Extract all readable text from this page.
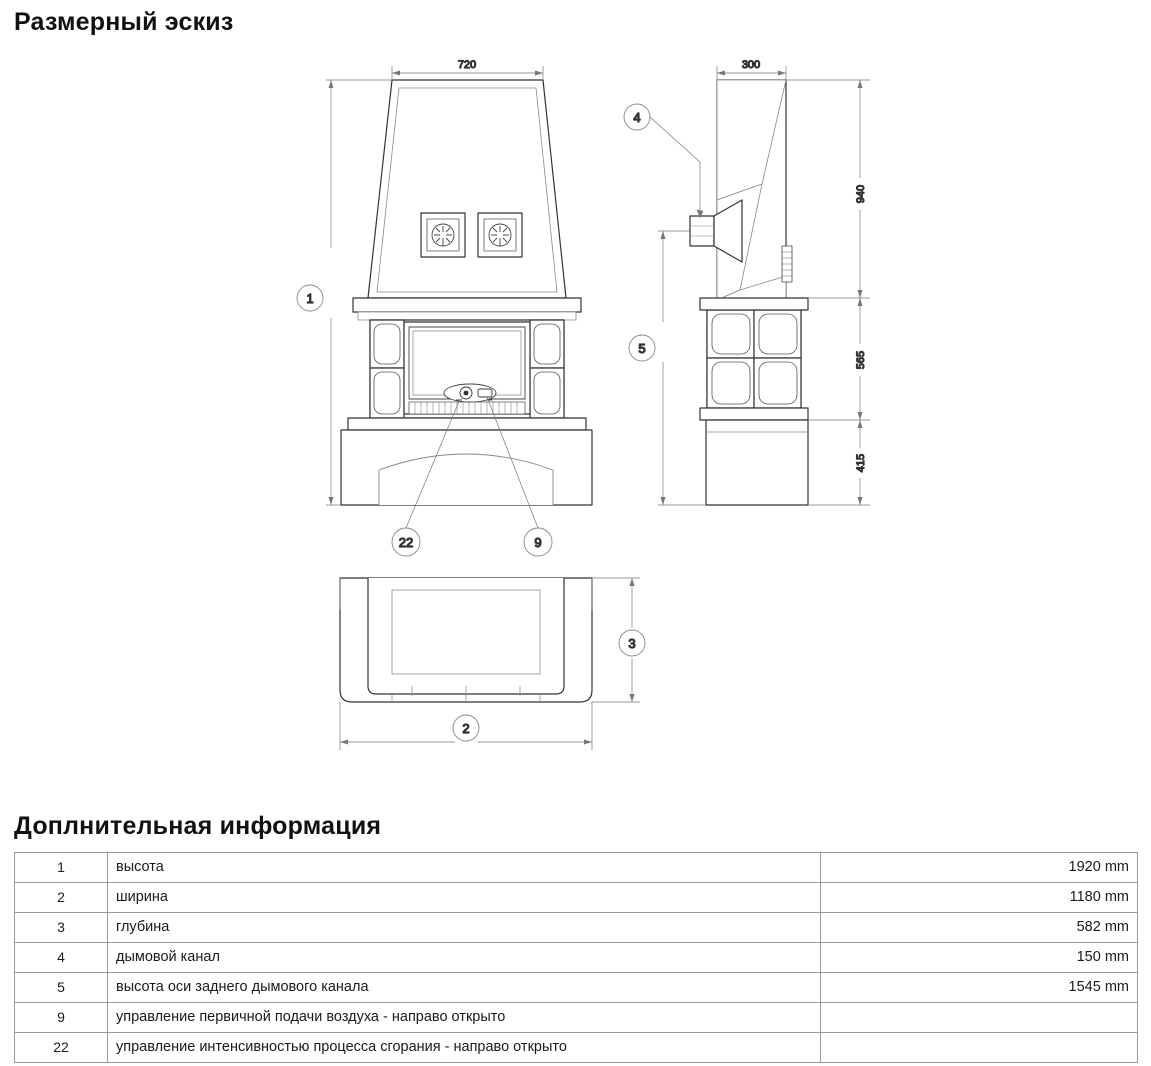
Размерный эскиз
720
1
22	9
300
940
565
415
5
4
2
3
Доплнительная информация
1	высота	1920 mm
2	ширина	1180 mm
3	глубина	582 mm
4	дымовой канал	150 mm
5	высота оси заднего дымового канала	1545 mm
9	управление первичной подачи воздуха - направо открыто	
22	управление интенсивностью процесса сгорания - направо открыто	
